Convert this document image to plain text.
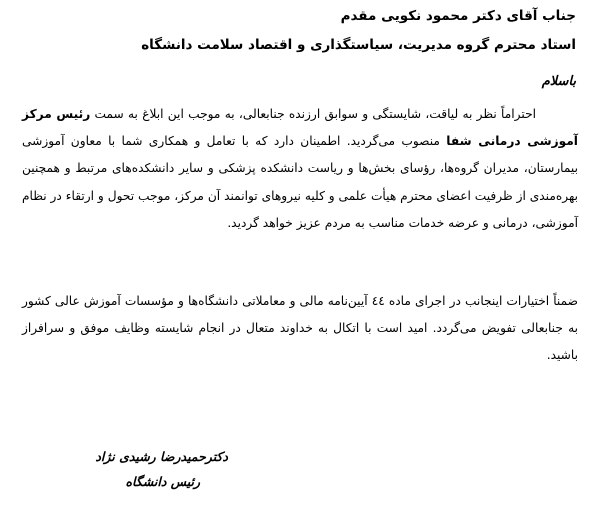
جناب آقای دکتر محمود نکویی مقدم
استاد محترم گروه مدیریت، سیاستگذاری و اقتصاد سلامت دانشگاه
باسلام
احتراماً نظر به لیاقت، شایستگی و سوابق ارزنده جنابعالی، به موجب این ابلاغ به سمت رئیس مرکز آموزشی درمانی شفا منصوب می‌گردید. اطمینان دارد که با تعامل و همکاری شما با معاون آموزشی بیمارستان، مدیران گروه‌ها، رؤسای بخش‌ها و ریاست دانشکده پزشکی و سایر دانشکده‌های مرتبط و همچنین بهره‌مندی از ظرفیت اعضای محترم هیأت علمی و کلیه نیروهای توانمند آن مرکز، موجب تحول و ارتقاء در نظام آموزشی، درمانی و عرضه خدمات مناسب به مردم عزیز خواهد گردید.
ضمناً اختیارات اینجانب در اجرای ماده ٤٤ آیین‌نامه مالی و معاملاتی دانشگاه‌ها و مؤسسات آموزش عالی کشور به جنابعالی تفویض می‌گردد. امید است با اتکال به خداوند متعال در انجام شایسته وظایف موفق و سرافراز باشید.
دکترحمیدرضا رشیدی نژاد
رئیس دانشگاه
